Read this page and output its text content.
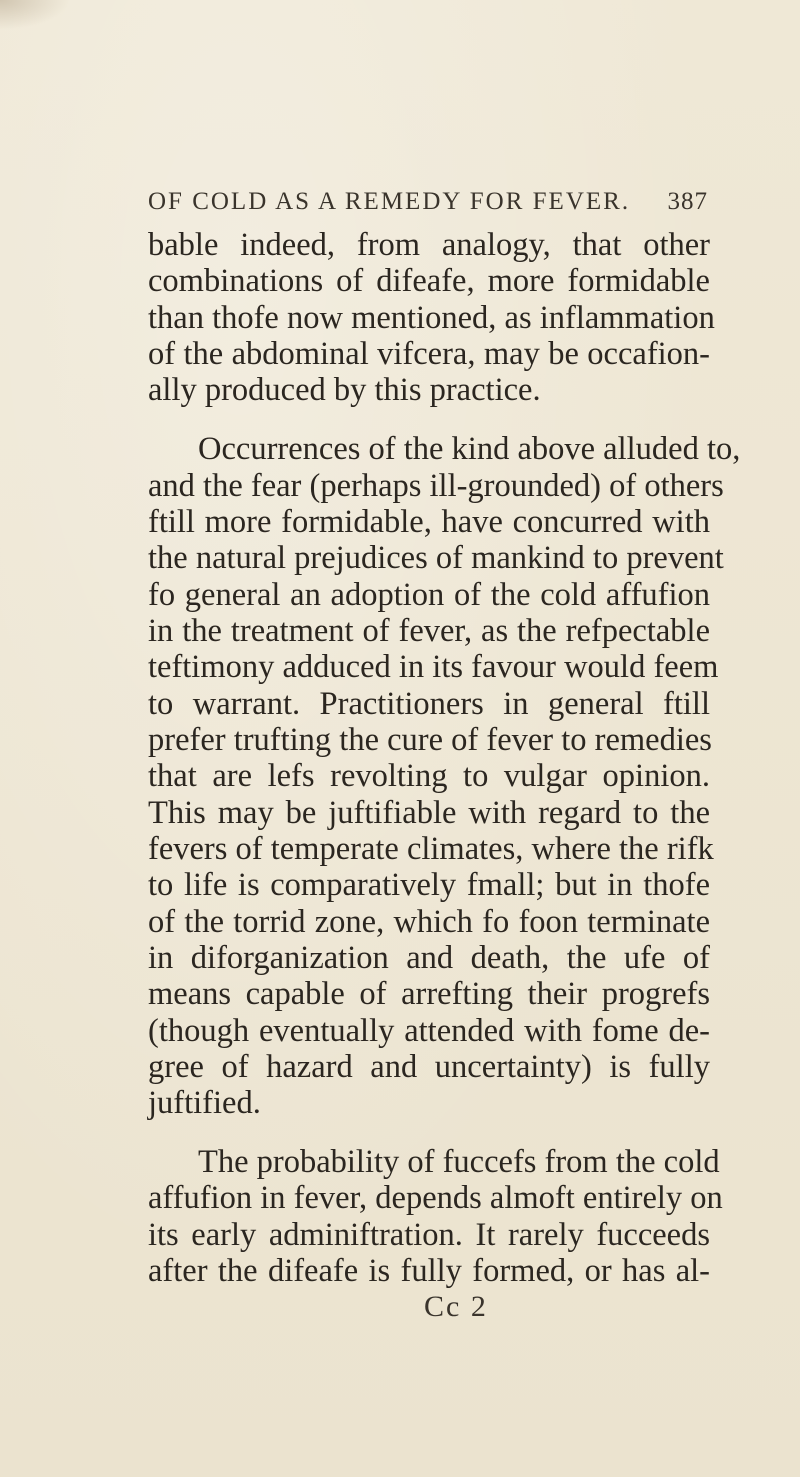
OF COLD AS A REMEDY FOR FEVER. 387
bable indeed, from analogy, that other
combinations of difeafe, more formidable
than thofe now mentioned, as inflammation
of the abdominal vifcera, may be occafion-
ally produced by this practice.
Occurrences of the kind above alluded to,
and the fear (perhaps ill-grounded) of others
ftill more formidable, have concurred with
the natural prejudices of mankind to prevent
fo general an adoption of the cold affufion
in the treatment of fever, as the refpectable
teftimony adduced in its favour would feem
to warrant. Practitioners in general ftill
prefer trufting the cure of fever to remedies
that are lefs revolting to vulgar opinion.
This may be juftifiable with regard to the
fevers of temperate climates, where the rifk
to life is comparatively fmall; but in thofe
of the torrid zone, which fo foon terminate
in diforganization and death, the ufe of
means capable of arrefting their progrefs
(though eventually attended with fome de-
gree of hazard and uncertainty) is fully
juftified.
The probability of fuccefs from the cold
affufion in fever, depends almoft entirely on
its early adminiftration. It rarely fucceeds
after the difeafe is fully formed, or has al-
Cc 2
